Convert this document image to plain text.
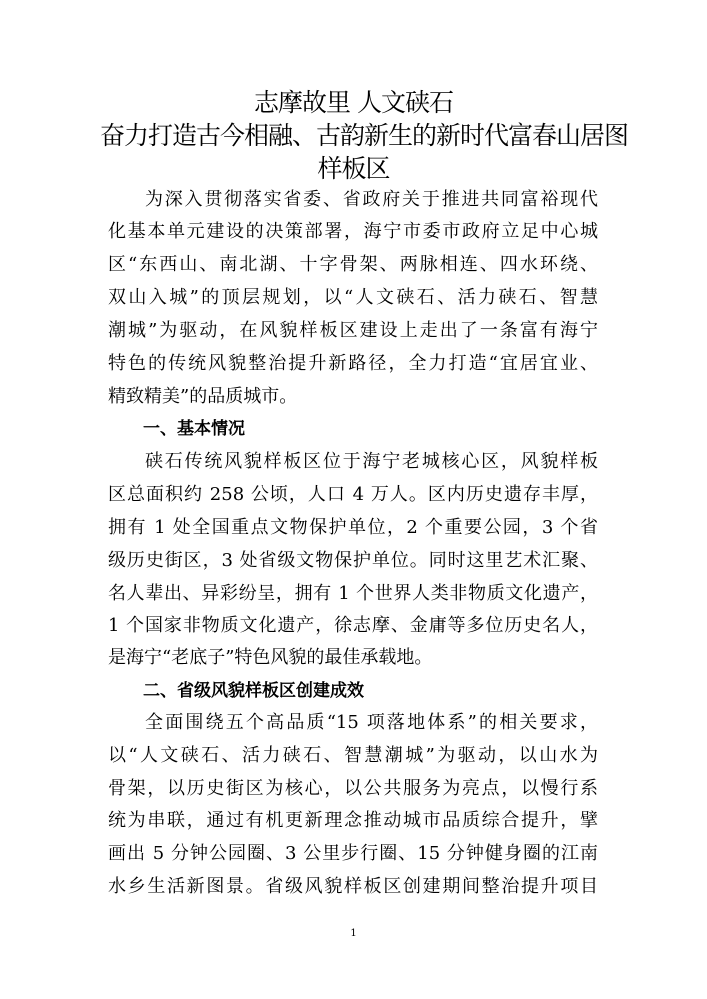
志摩故里 人文硖石
奋力打造古今相融、古韵新生的新时代富春山居图
样板区
为深入贯彻落实省委、省政府关于推进共同富裕现代
化基本单元建设的决策部署，海宁市委市政府立足中心城
区“东西山、南北湖、十字骨架、两脉相连、四水环绕、
双山入城”的顶层规划，以“人文硖石、活力硖石、智慧
潮城”为驱动，在风貌样板区建设上走出了一条富有海宁
特色的传统风貌整治提升新路径，全力打造“宜居宜业、
精致精美”的品质城市。
一、基本情况
硖石传统风貌样板区位于海宁老城核心区，风貌样板
区总面积约 258 公顷，人口 4 万人。区内历史遗存丰厚，
拥有 1 处全国重点文物保护单位，2 个重要公园，3 个省
级历史街区，3 处省级文物保护单位。同时这里艺术汇聚、
名人辈出、异彩纷呈，拥有 1 个世界人类非物质文化遗产，
1 个国家非物质文化遗产，徐志摩、金庸等多位历史名人，
是海宁“老底子”特色风貌的最佳承载地。
二、省级风貌样板区创建成效
全面围绕五个高品质“15 项落地体系”的相关要求，
以“人文硖石、活力硖石、智慧潮城”为驱动，以山水为
骨架，以历史街区为核心，以公共服务为亮点，以慢行系
统为串联，通过有机更新理念推动城市品质综合提升，擘
画出 5 分钟公园圈、3 公里步行圈、15 分钟健身圈的江南
水乡生活新图景。省级风貌样板区创建期间整治提升项目
1
